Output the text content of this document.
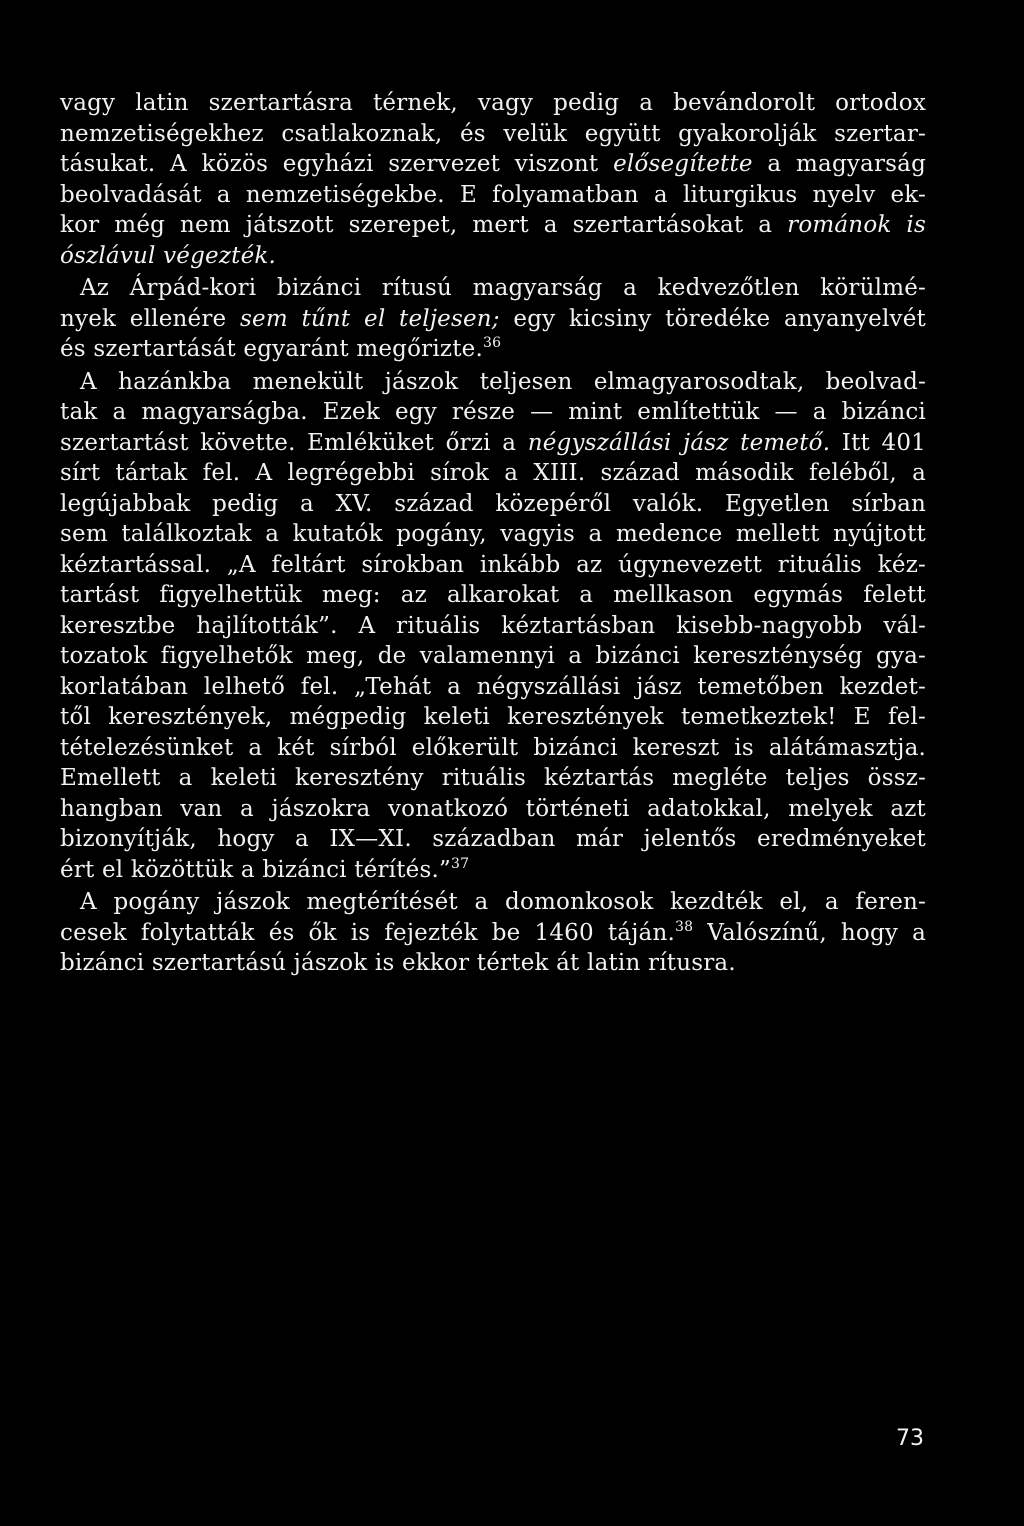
vagy latin szertartásra térnek, vagy pedig a bevándorolt ortodox
nemzetiségekhez csatlakoznak, és velük együtt gyakorolják szertar-
tásukat. A közös egyházi szervezet viszont elősegítette a magyarság
beolvadását a nemzetiségekbe. E folyamatban a liturgikus nyelv ek-
kor még nem játszott szerepet, mert a szertartásokat a románok is
ószlávul végezték.
Az Árpád-kori bizánci rítusú magyarság a kedvezőtlen körülmé-
nyek ellenére sem tűnt el teljesen; egy kicsiny töredéke anyanyelvét
és szertartását egyaránt megőrizte.$^{36}$
A hazánkba menekült jászok teljesen elmagyarosodtak, beolvad-
tak a magyarságba. Ezek egy része — mint említettük — a bizánci
szertartást követte. Emléküket őrzi a négyszállási jász temető. Itt 401
sírt tártak fel. A legrégebbi sírok a XIII. század második feléből, a
legújabbak pedig a XV. század közepéről valók. Egyetlen sírban
sem találkoztak a kutatók pogány, vagyis a medence mellett nyújtott
kéztartással. „A feltárt sírokban inkább az úgynevezett rituális kéz-
tartást figyelhettük meg: az alkarokat a mellkason egymás felett
keresztbe hajlították”. A rituális kéztartásban kisebb-nagyobb vál-
tozatok figyelhetők meg, de valamennyi a bizánci kereszténység gya-
korlatában lelhető fel. „Tehát a négyszállási jász temetőben kezdet-
től keresztények, mégpedig keleti keresztények temetkeztek! E fel-
tételezésünket a két sírból előkerült bizánci kereszt is alátámasztja.
Emellett a keleti keresztény rituális kéztartás megléte teljes össz-
hangban van a jászokra vonatkozó történeti adatokkal, melyek azt
bizonyítják, hogy a IX—XI. században már jelentős eredményeket
ért el közöttük a bizánci térítés.”$^{37}$
A pogány jászok megtérítését a domonkosok kezdték el, a feren-
cesek folytatták és ők is fejezték be 1460 táján.$^{38}$ Valószínű, hogy a
bizánci szertartású jászok is ekkor tértek át latin rítusra.
73
